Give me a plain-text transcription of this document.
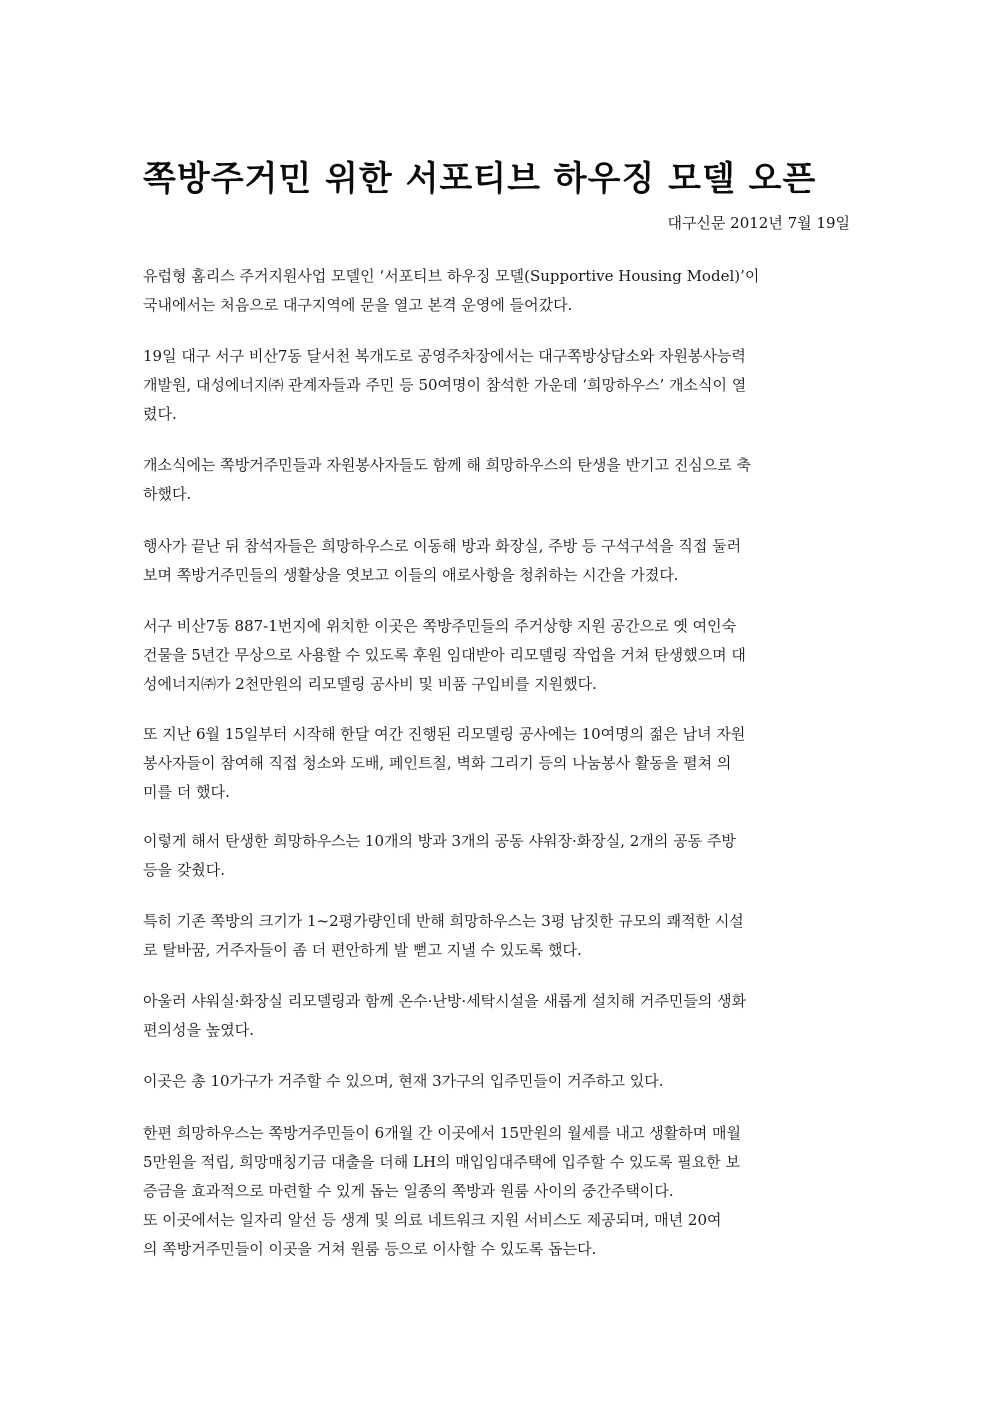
쪽방주거민 위한 서포티브 하우징 모델 오픈
대구신문 2012년 7월 19일
유럽형 홈리스 주거지원사업 모델인 ‘서포티브 하우징 모델(Supportive Housing Model)’이
국내에서는 처음으로 대구지역에 문을 열고 본격 운영에 들어갔다.
19일 대구 서구 비산7동 달서천 복개도로 공영주차장에서는 대구쪽방상담소와 자원봉사능력
개발원, 대성에너지㈜ 관계자들과 주민 등 50여명이 참석한 가운데 ‘희망하우스’ 개소식이 열
렸다.
개소식에는 쪽방거주민들과 자원봉사자들도 함께 해 희망하우스의 탄생을 반기고 진심으로 축
하했다.
행사가 끝난 뒤 참석자들은 희망하우스로 이동해 방과 화장실, 주방 등 구석구석을 직접 둘러
보며 쪽방거주민들의 생활상을 엿보고 이들의 애로사항을 청취하는 시간을 가졌다.
서구 비산7동 887-1번지에 위치한 이곳은 쪽방주민들의 주거상향 지원 공간으로 옛 여인숙
건물을 5년간 무상으로 사용할 수 있도록 후원 임대받아 리모델링 작업을 거쳐 탄생했으며 대
성에너지㈜가 2천만원의 리모델링 공사비 및 비품 구입비를 지원했다.
또 지난 6월 15일부터 시작해 한달 여간 진행된 리모델링 공사에는 10여명의 젊은 남녀 자원
봉사자들이 참여해 직접 청소와 도배, 페인트칠, 벽화 그리기 등의 나눔봉사 활동을 펼쳐 의
미를 더 했다.
이렇게 해서 탄생한 희망하우스는 10개의 방과 3개의 공동 샤워장·화장실, 2개의 공동 주방
등을 갖췄다.
특히 기존 쪽방의 크기가 1~2평가량인데 반해 희망하우스는 3평 남짓한 규모의 쾌적한 시설
로 탈바꿈, 거주자들이 좀 더 편안하게 발 뻗고 지낼 수 있도록 했다.
아울러 샤워실·화장실 리모델링과 함께 온수·난방·세탁시설을 새롭게 설치해 거주민들의 생화
편의성을 높였다.
이곳은 총 10가구가 거주할 수 있으며, 현재 3가구의 입주민들이 거주하고 있다.
한편 희망하우스는 쪽방거주민들이 6개월 간 이곳에서 15만원의 월세를 내고 생활하며 매월
5만원을 적립, 희망매칭기금 대출을 더해 LH의 매입임대주택에 입주할 수 있도록 필요한 보
증금을 효과적으로 마련할 수 있게 돕는 일종의 쪽방과 원룸 사이의 중간주택이다.
또 이곳에서는 일자리 알선 등 생계 및 의료 네트워크 지원 서비스도 제공되며, 매년 20여
의 쪽방거주민들이 이곳을 거쳐 원룸 등으로 이사할 수 있도록 돕는다.
